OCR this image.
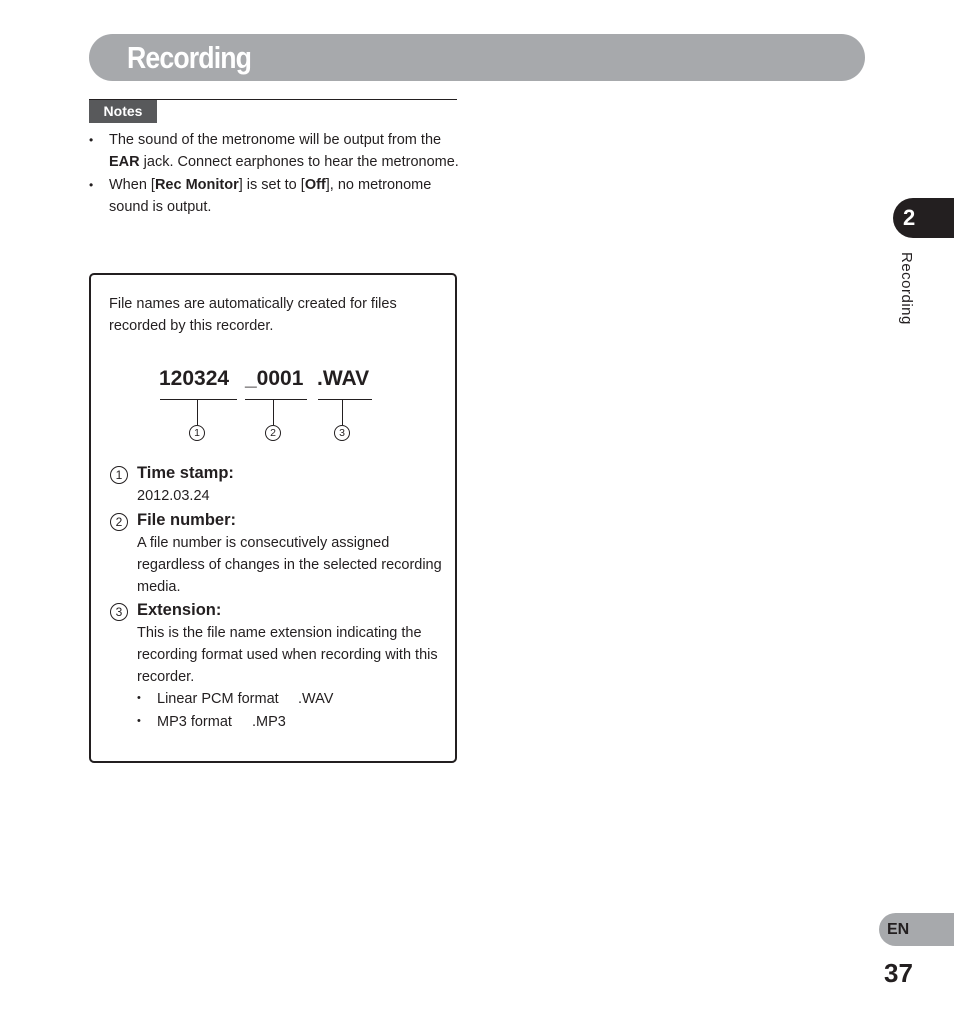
Recording
Notes
• The sound of the metronome will be output from the EAR jack. Connect earphones to hear the metronome.
• When [Rec Monitor] is set to [Off], no metronome sound is output.
File names are automatically created for files recorded by this recorder.
120324 _0001 .WAV
1	2	3
1 Time stamp:
2012.03.24
2 File number:
A file number is consecutively assigned regardless of changes in the selected recording media.
3 Extension:
This is the file name extension indicating the recording format used when recording with this recorder.
• Linear PCM format .WAV
• MP3 format .MP3
2
Recording
EN
37
